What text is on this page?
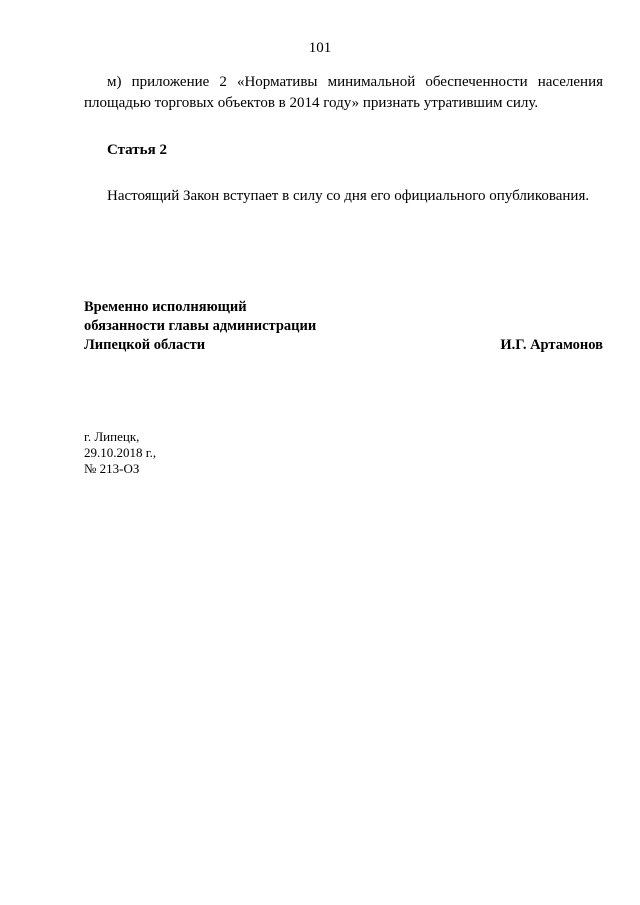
101
м) приложение 2 «Нормативы минимальной обеспеченности населения
площадью торговых объектов в 2014 году» признать утратившим силу.
Статья 2
Настоящий Закон вступает в силу со дня его официального опубликования.
Временно исполняющий
обязанности главы администрации
Липецкой области	И.Г. Артамонов
г. Липецк,
29.10.2018 г.,
№ 213-ОЗ
